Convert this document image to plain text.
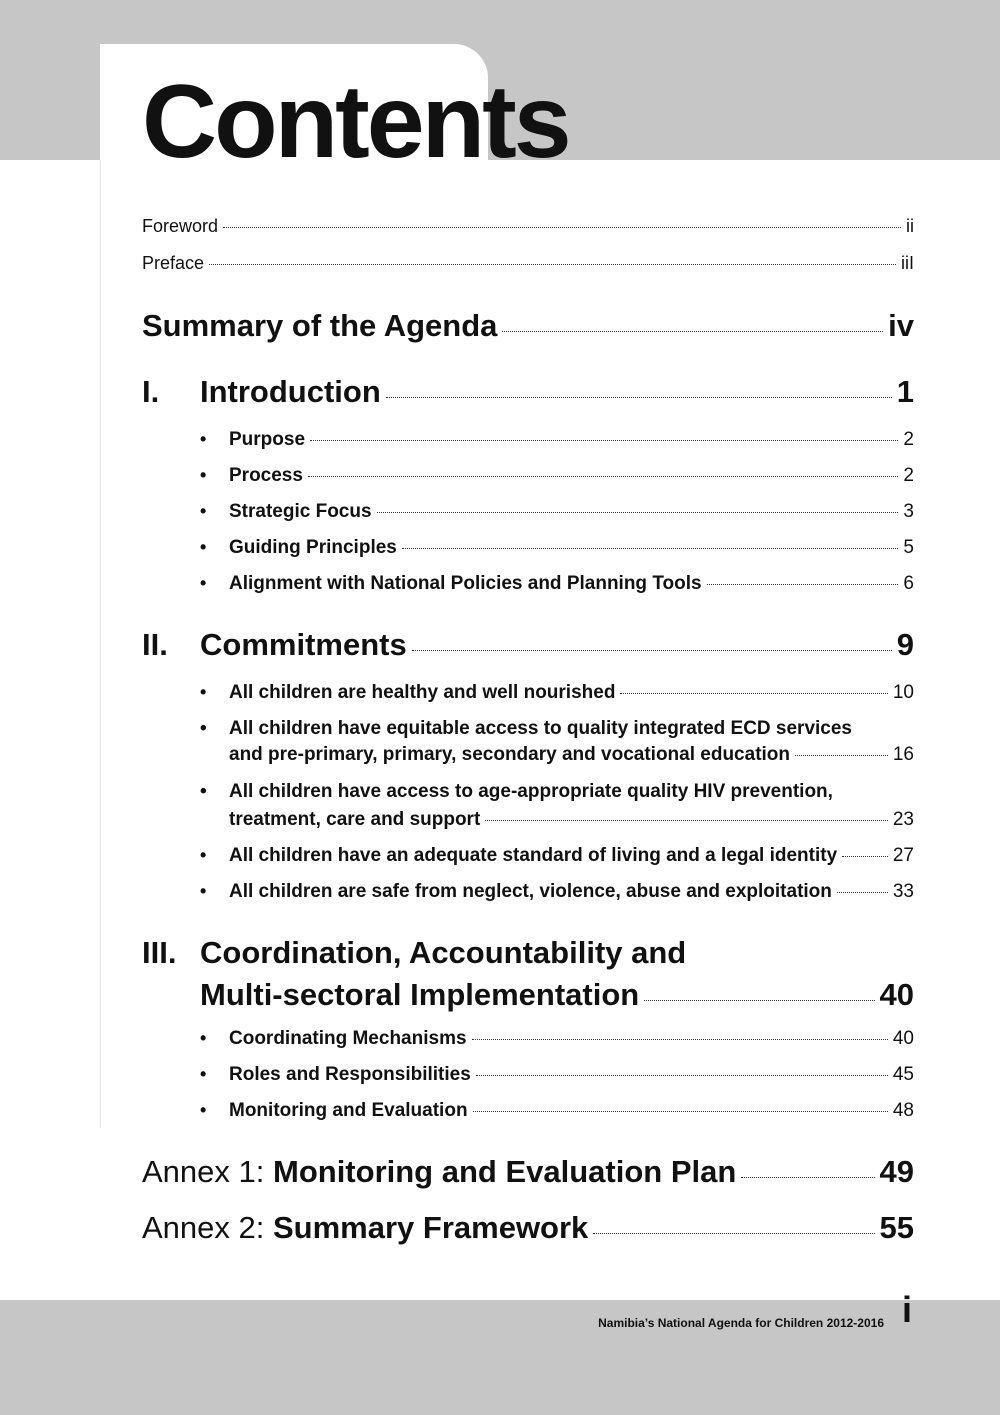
Contents
Foreword	ii
Preface	iiI
Summary of the Agenda	iv
I.	Introduction	1
•	Purpose	2
•	Process	2
•	Strategic Focus	3
•	Guiding Principles	5
•	Alignment with National Policies and Planning Tools	6
II.	Commitments	9
•	All children are healthy and well nourished	10
•	All children have equitable access to quality integrated ECD services
and pre-primary, primary, secondary and vocational education	16
•	All children have access to age-appropriate quality HIV prevention,
treatment, care and support	23
•	All children have an adequate standard of living and a legal identity	27
•	All children are safe from neglect, violence, abuse and exploitation	33
III. Coordination, Accountability and
Multi-sectoral Implementation	40
•	Coordinating Mechanisms	40
•	Roles and Responsibilities	45
•	Monitoring and Evaluation	48
Annex 1:
Monitoring and Evaluation Plan	49
Annex 2:
Summary Framework	55
Namibia’s National Agenda for Children 2012-2016 i
